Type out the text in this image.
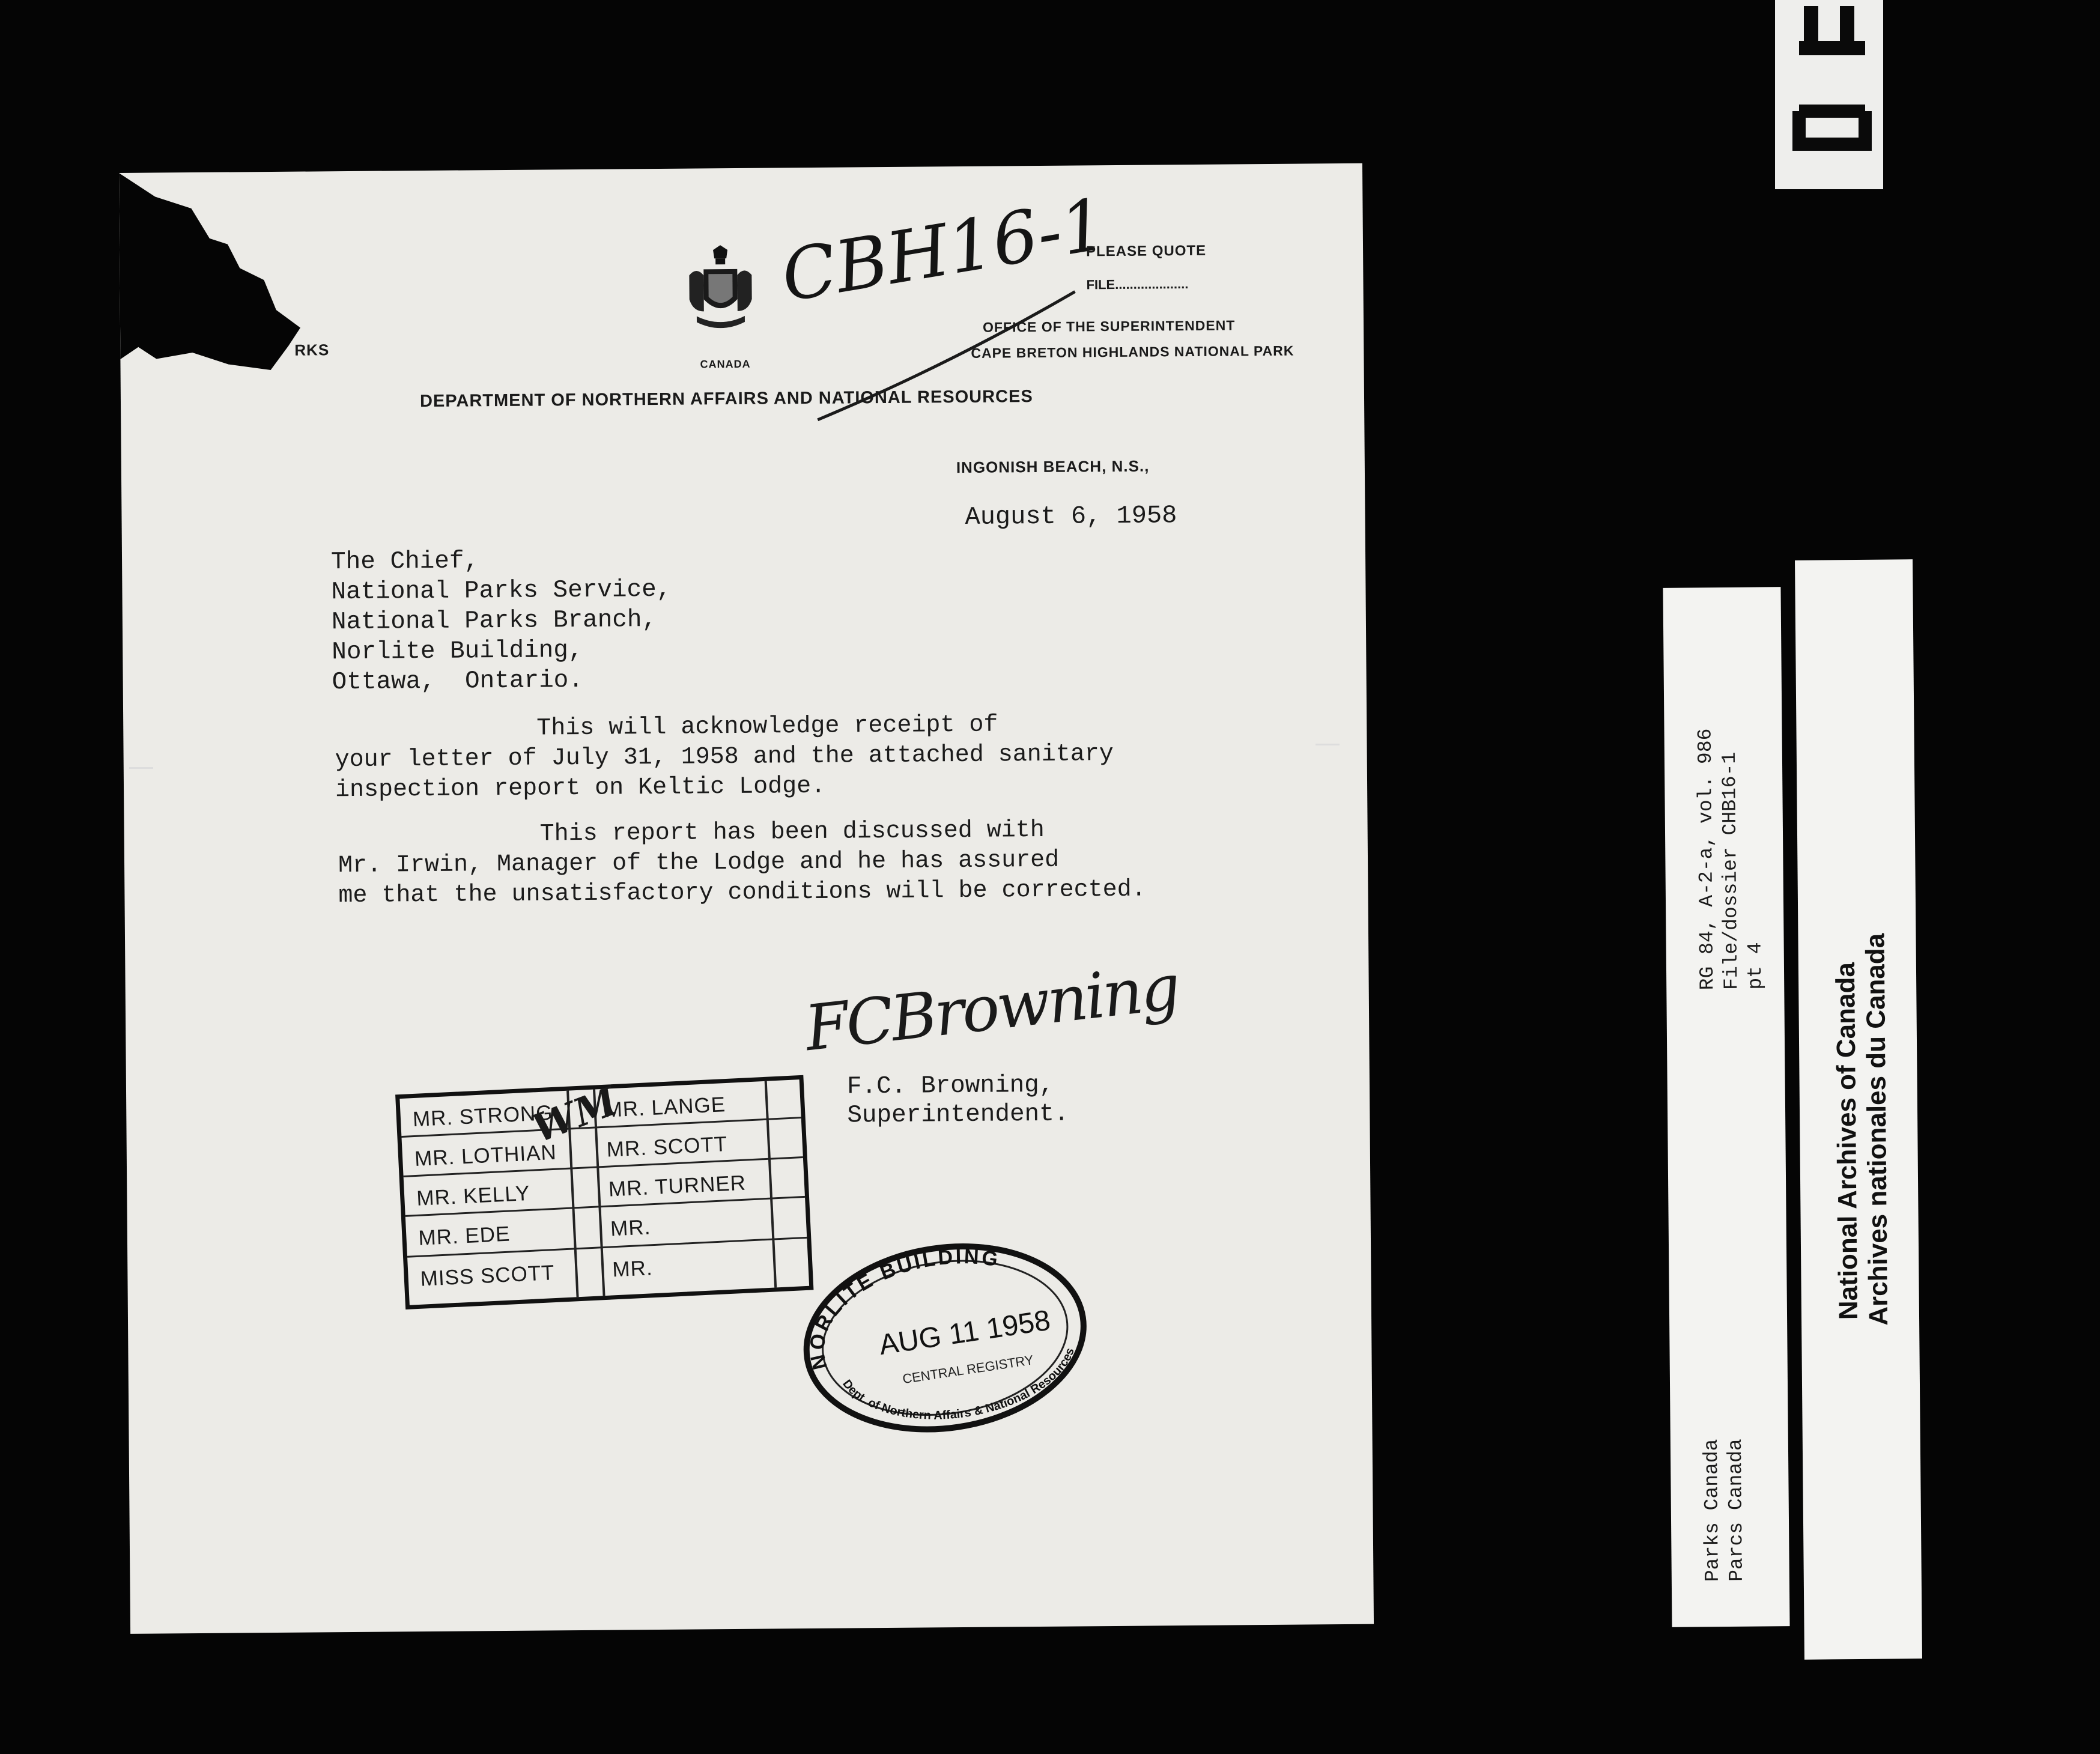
RKS
CANADA
CBH16-1
PLEASE QUOTE
FILE....................
OFFICE OF THE SUPERINTENDENT
CAPE BRETON HIGHLANDS NATIONAL PARK
DEPARTMENT OF NORTHERN AFFAIRS AND NATIONAL RESOURCES
INGONISH BEACH, N.S.,
August 6, 1958
The Chief,
National Parks Service,
National Parks Branch,
Norlite Building,
Ottawa,  Ontario.
This will acknowledge receipt of
your letter of July 31, 1958 and the attached sanitary
inspection report on Keltic Lodge.
This report has been discussed with
Mr. Irwin, Manager of the Lodge and he has assured
me that the unsatisfactory conditions will be corrected.
FCBrowning
F.C. Browning,
Superintendent.
MR. STRONG
MR. LOTHIAN
MR. KELLY
MR. EDE
MISS SCOTT
MR. LANGE
MR. SCOTT
MR. TURNER
MR.
MR.
WM
NORLITE BUILDING
AUG 11 1958
CENTRAL REGISTRY
Dept. of Northern Affairs & National Resources
RG 84, A-2-a, vol. 986 File/dossier CHB16-1 pt 4
Parks Canada Parcs Canada
National Archives of Canada
Archives nationales du Canada
